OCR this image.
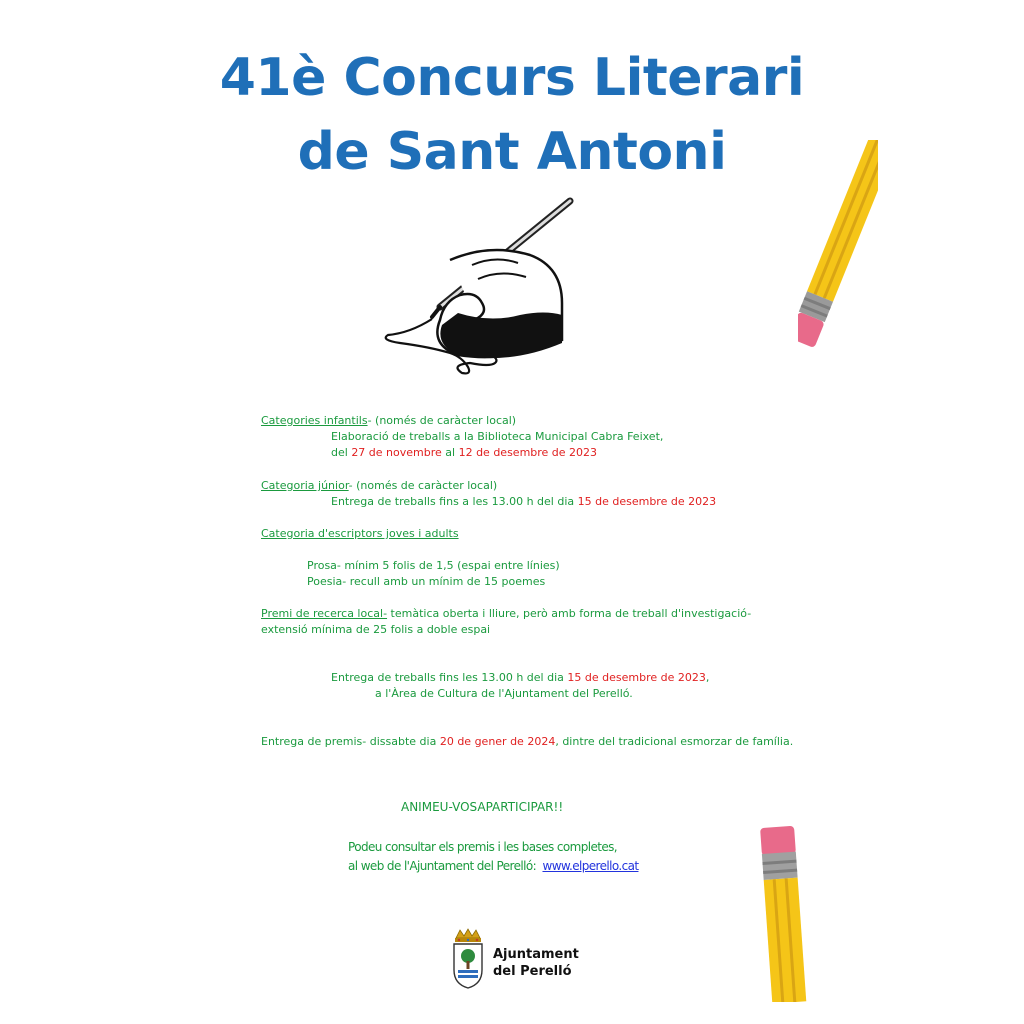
41è Concurs Literari
de Sant Antoni
Categories infantils- (només de caràcter local)
Elaboració de treballs a la Biblioteca Municipal Cabra Feixet,
del 27 de novembre al 12 de desembre de 2023
Categoria júnior- (només de caràcter local)
Entrega de treballs fins a les 13.00 h del dia 15 de desembre de 2023
Categoria d'escriptors joves i adults
Prosa- mínim 5 folis de 1,5 (espai entre línies)
Poesia- recull amb un mínim de 15 poemes
Premi de recerca local- temàtica oberta i lliure, però amb forma de treball d'investigació-
extensió mínima de 25 folis a doble espai
Entrega de treballs fins les 13.00 h del dia 15 de desembre de 2023,
a l'Àrea de Cultura de l'Ajuntament del Perelló.
Entrega de premis- dissabte dia 20 de gener de 2024, dintre del tradicional esmorzar de família.
ANIMEU-VOSAPARTICIPAR!!
Podeu consultar els premis i les bases completes,
al web de l'Ajuntament del Perelló: www.elperello.cat
Ajuntament
del Perelló
